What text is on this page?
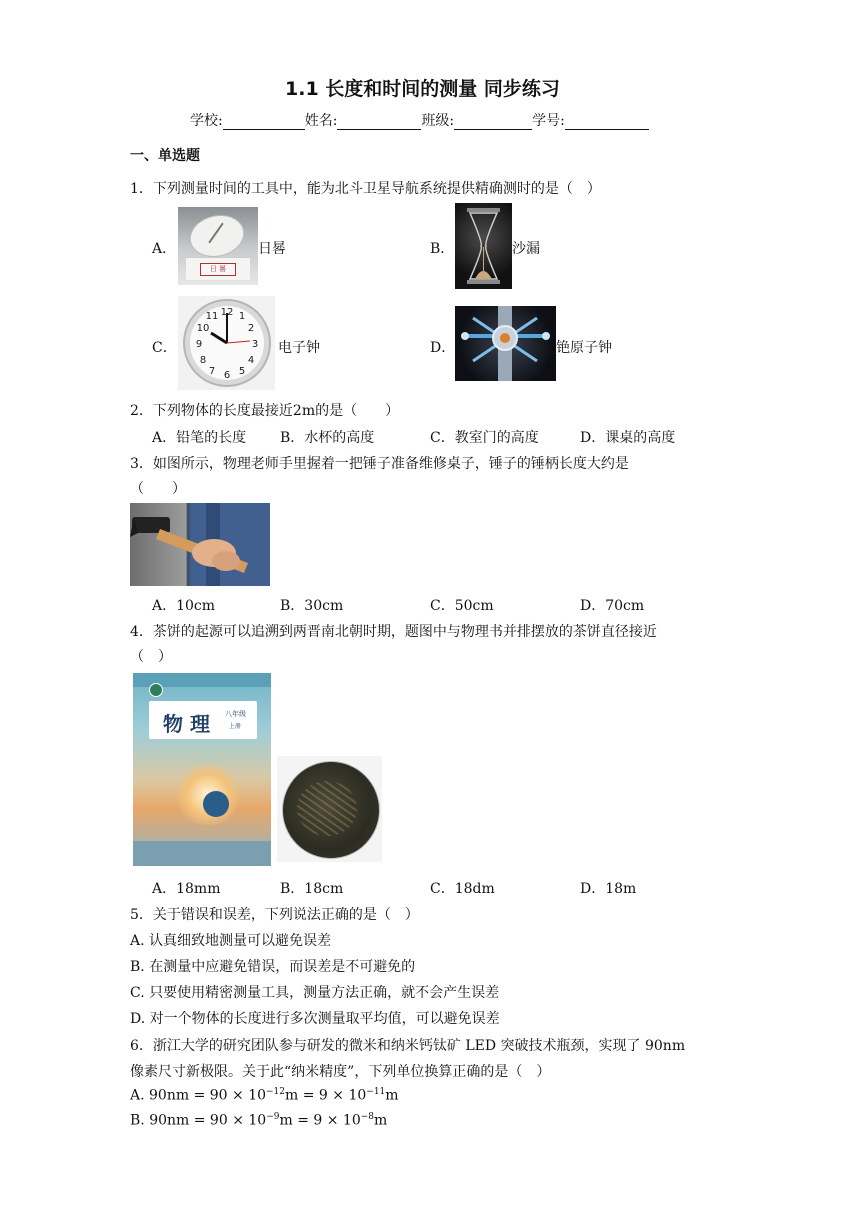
1.1 长度和时间的测量 同步练习
学校:	姓名:	班级:	学号:
一、单选题
1．下列测量时间的工具中，能为北斗卫星导航系统提供精确测时的是（　）
A．
日 晷
日晷	B．	沙漏
C．
12
3
6
9
1
2
4
5
7
8
10
11
电子钟	D．	铯原子钟
2．下列物体的长度最接近2m的是（　　）
A．铅笔的长度 B．水杯的高度	C．教室门的高度	D．课桌的高度
3．如图所示，物理老师手里握着一把锤子准备维修桌子，锤子的锤柄长度大约是
（　　）
A．10cm	B．30cm	C．50cm	D．70cm
4．茶饼的起源可以追溯到两晋南北朝时期，题图中与物理书并排摆放的茶饼直径接近
（　）
物 理 八年级
上册
A．18mm	B．18cm	C．18dm	D．18m
5．关于错误和误差，下列说法正确的是（　）
A. 认真细致地测量可以避免误差
B. 在测量中应避免错误，而误差是不可避免的
C. 只要使用精密测量工具，测量方法正确，就不会产生误差
D. 对一个物体的长度进行多次测量取平均值，可以避免误差
6．浙江大学的研究团队参与研发的微米和纳米钙钛矿 LED 突破技术瓶颈，实现了 90nm
像素尺寸新极限。关于此“纳米精度”，下列单位换算正确的是（　）
A. $90nm = 90 \times 10^{-12}m = 9 \times 10^{-11}m$
B. $90nm = 90 \times 10^{-9}m = 9 \times 10^{-8}m$
